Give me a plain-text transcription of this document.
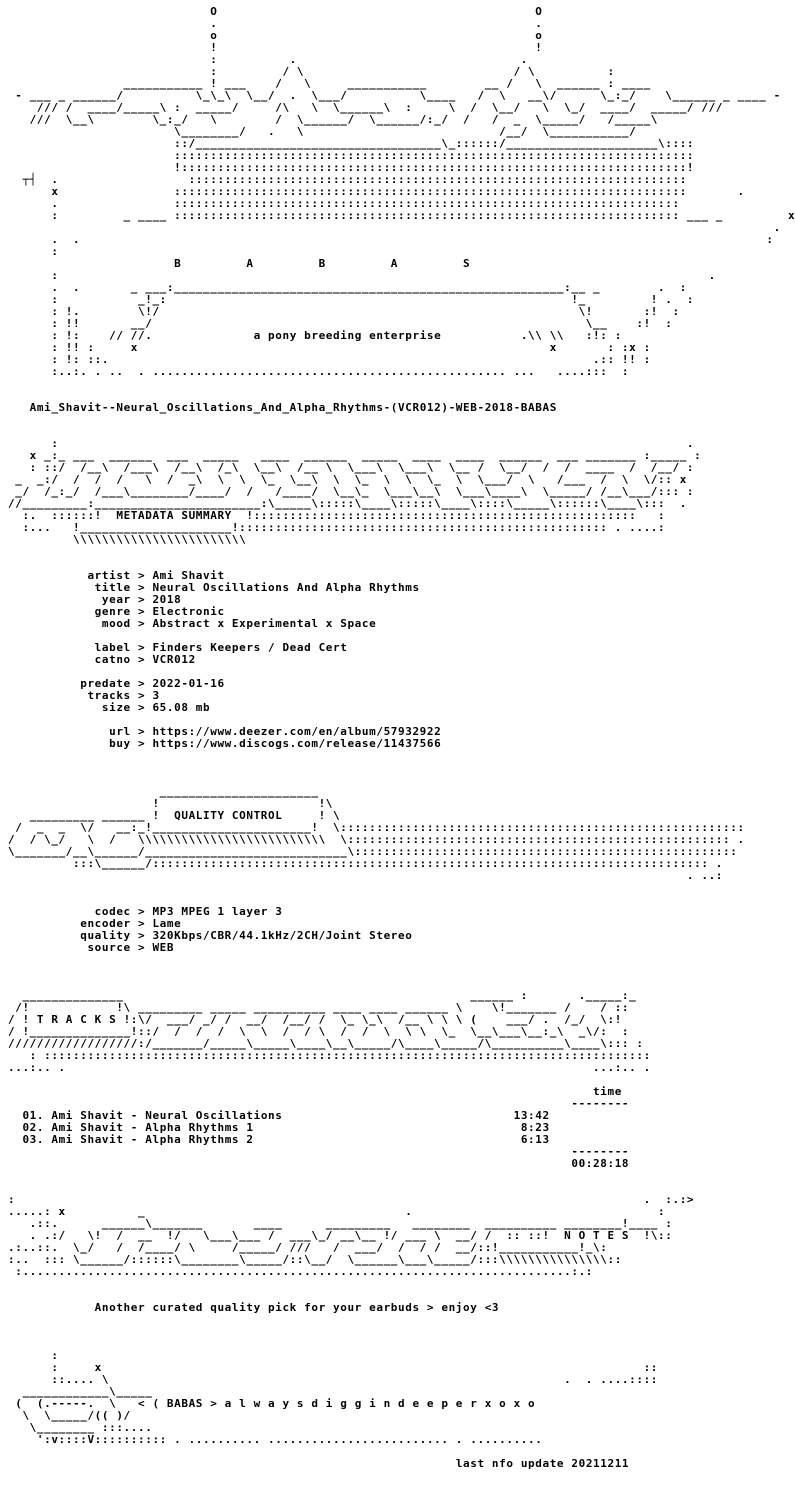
O                                            O
.                                            .
o                                            o
!                                            !
:          .                               .
:         / \                             / \          :
___________ ! ___    /   \     ___________        __ /   \  ______ : ____
- ___ _ ______/          \_\_\  \__/  .  \___/          \____   /  \   __\/      \_:_/    \______ _ ____ -
/// /  ____/_____\ :  _____/     /\   \  \______\  :     \  /  \__/   \  \_/  ____/  _____/ ///
///  \__\        \_:_/   \        /  \______/  \______/:_/  /   /  _  \_____/   /_____\
\________/   .   \                           /__/  \___________/
::/__________________________________\_::::::/_____________________\::::
::::::::::::::::::::::::::::::::::::::::::::::::::::::::::::::::::::::::
!::::::::::::::::::::::::::::::::::::::::::::::::::::::::::::::::::::::!
┬┤  .                  :::::::::::::::::::::::::::::::::::::::::::::::::::::::::::::::::::::
x                :::::::::::::::::::::::::::::::::::::::::::::::::::::::::::::::::::::::       .
.                ::::::::::::::::::::::::::::::::::::::::::::::::::::::::::::::::::::::
:         _ ____ :::::::::::::::::::::::::::::::::::::::::::::::::::::::::::::::::::::: ___ _         x
.
.  .                                                                                               :
:
B         A         B         A         S
:                                                                                          .
.  .       _ ___:______________________________________________________:__ _        .  :
:           _!_:                                                        !_         ! .  :
: !.        \!/                                                          \!       :!  :
: !!       __/                                                            \__    :!  :
: !:    // //.              a pony breeding enterprise           .\\ \\   :!: :
: !! :     x                                                         x       : :x :
: !: ::.                                                                   .:: !! :
:..:. . ..  . ................................................. ...   ....:::  :
Ami_Shavit--Neural_Oscillations_And_Alpha_Rhythms-(VCR012)-WEB-2018-BABAS
:                                                                                       .
x _:_ ___  ______  ___  _____   ____  ______  _____  ____  ____  ______  ___ _______ :_____ :
: ::/  /__\  /___\  /__\  /_\  \__\  /__ \  \___\  \___\  \__ /  \__/  /  /  ____  /  /__/ :
_  _:/  /  /  /   \  /  _\  \  \  \_  \__\  \  \_  \  \  \_  \  \___/  \   /___  /  \  \/:: x
_/  /_:_/  /___\________/____/  /   /____/  \__\_  \___\__\  \___\____\  \_____/ /__\___/::: :
//_________:_______________________:\_____\:::::\____\:::::\____\::::\_____\::::::\____\:::  .
:.  ::::::!  METADATA SUMMARY  !:::::::::::::::::::::::::::::::::::::::::::::::::::::   :
:...   !_____________________!::::::::::::::::::::::::::::::::::::::::::::::::::: . ....:
\\\\\\\\\\\\\\\\\\\\\\\\
artist > Ami Shavit
title > Neural Oscillations And Alpha Rhythms
year > 2018
genre > Electronic
mood > Abstract x Experimental x Space
label > Finders Keepers / Dead Cert
catno > VCR012
predate > 2022-01-16
tracks > 3
size > 65.08 mb
url > https://www.deezer.com/en/album/57932922
buy > https://www.discogs.com/release/11437566
______________________
!                      !\
_________ ______ !  QUALITY CONTROL     ! \
/  _  _  \/   __:_!______________________!  \::::::::::::::::::::::::::::::::::::::::::::::::::::::::
/  / \_/   \  /   \\\\\\\\\\\\\\\\\\\\\\\\\\  \::::::::::::::::::::::::::::::::::::::::::::::::::::: .
\_______/__\______/____________________________\:::::::::::::::::::::::::::::::::::::::::::::::::::::
:::\______/::::::::::::::::::::::::::::::::::::::::::::::::::::::::::::::::::::::::::::: .
. ..:
codec > MP3 MPEG 1 layer 3
encoder > Lame
quality > 320Kbps/CBR/44.1kHz/2CH/Joint Stereo
source > WEB
______________                                                ______ :       ._____:_
/!            !\ _________ _____ __________ ____ ____ ______ \    \!_______ /    / ::
/ ! T R A C K S !:\/  ___/ _/ /  __/  /__/ /  \_ \_\  /__ \ \ \ (    ___/ .  /_/  \:!
/ !______________!::/  /  /  /  \  \  /  / \  /  /  \  \ \  \_  \__\___\__:_\  _\/:  :
//////////////////:/_______/_____\_____\____\__\_____/\____\_____/\__________\____\::: :
: ::::::::::::::::::::::::::::::::::::::::::::::::::::::::::::::::::::::::::::::::::::
...:.. .                                                                         ...:.. .
time
--------
01. Ami Shavit - Neural Oscillations	13:42
02. Ami Shavit - Alpha Rhythms 1	8:23
03. Ami Shavit - Alpha Rhythms 2	6:13
--------
00:28:18
:                                                                                       .  :.:>
.....: x          _                                    .                                  :
.::.      ______\_______       ____      _________   ________  __________ ________!____ :
. .:/   \!  /  __  !/   \___\___ /  ___\_/ __\__ !/ ___ \  __/ /  :: ::!  N O T E S  !\::
.:..::.  \_/   /  /____/ \     /_____/ ///   /  ___/  /  / /  __/::!___________!_\:
:..  ::: \______/::::::\________\_____/::\__/  \______\___\_____/:::\\\\\\\\\\\\\\\::
:............................................................................:.:
Another curated quality pick for your earbuds > enjoy <3
:
:     x                                                                           ::
::.... \                                                               .  . ....::::
____________\_____
(  (.-----.  \   < ( BABAS > a l w a y s d i g g i n d e e p e r x o x o
\  \_____/(( )/
\________ :::....
':v::::V:::::::::: . .......... ......................... . ..........
last nfo update 20211211
